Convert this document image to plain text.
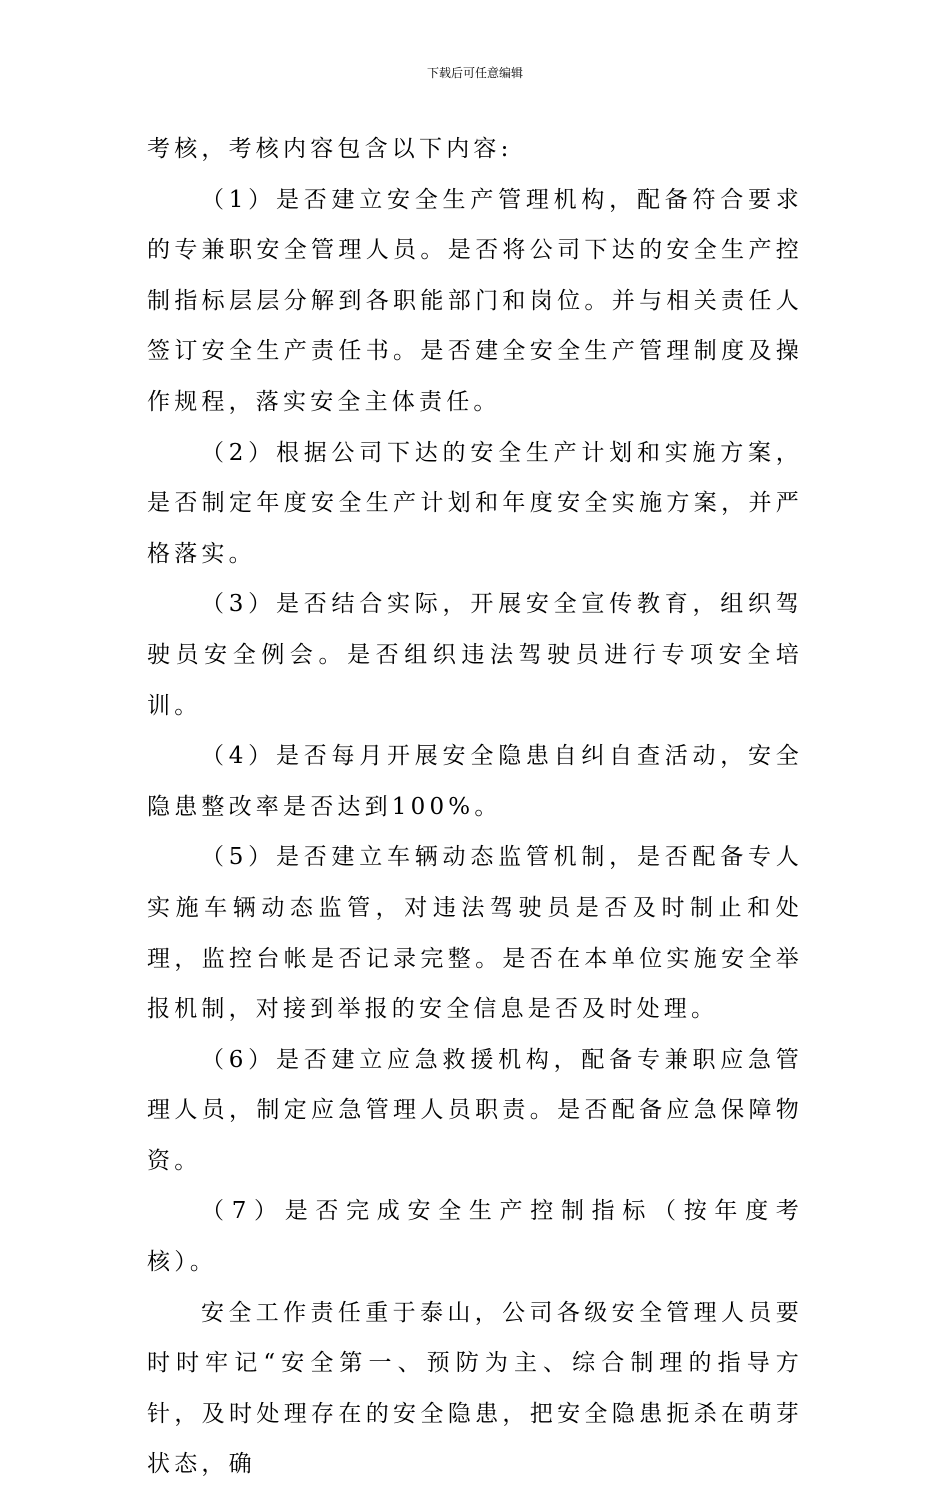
下载后可任意编辑

考核，考核内容包含以下内容:

（1）是否建立安全生产管理机构，配备符合要求的专兼职安全管理人员。是否将公司下达的安全生产控制指标层层分解到各职能部门和岗位。并与相关责任人签订安全生产责任书。是否建全安全生产管理制度及操作规程，落实安全主体责任。

（2）根据公司下达的安全生产计划和实施方案，是否制定年度安全生产计划和年度安全实施方案，并严格落实。

（3）是否结合实际，开展安全宣传教育，组织驾驶员安全例会。是否组织违法驾驶员进行专项安全培训。

（4）是否每月开展安全隐患自纠自查活动，安全隐患整改率是否达到100%。

（5）是否建立车辆动态监管机制，是否配备专人实施车辆动态监管，对违法驾驶员是否及时制止和处理，监控台帐是否记录完整。是否在本单位实施安全举报机制，对接到举报的安全信息是否及时处理。

（6）是否建立应急救援机构，配备专兼职应急管理人员，制定应急管理人员职责。是否配备应急保障物资。

（7）是否完成安全生产控制指标（按年度考核）。

安全工作责任重于泰山，公司各级安全管理人员要时时牢记“安全第一、预防为主、综合制理的指导方针，及时处理存在的安全隐患，把安全隐患扼杀在萌芽状态，确
